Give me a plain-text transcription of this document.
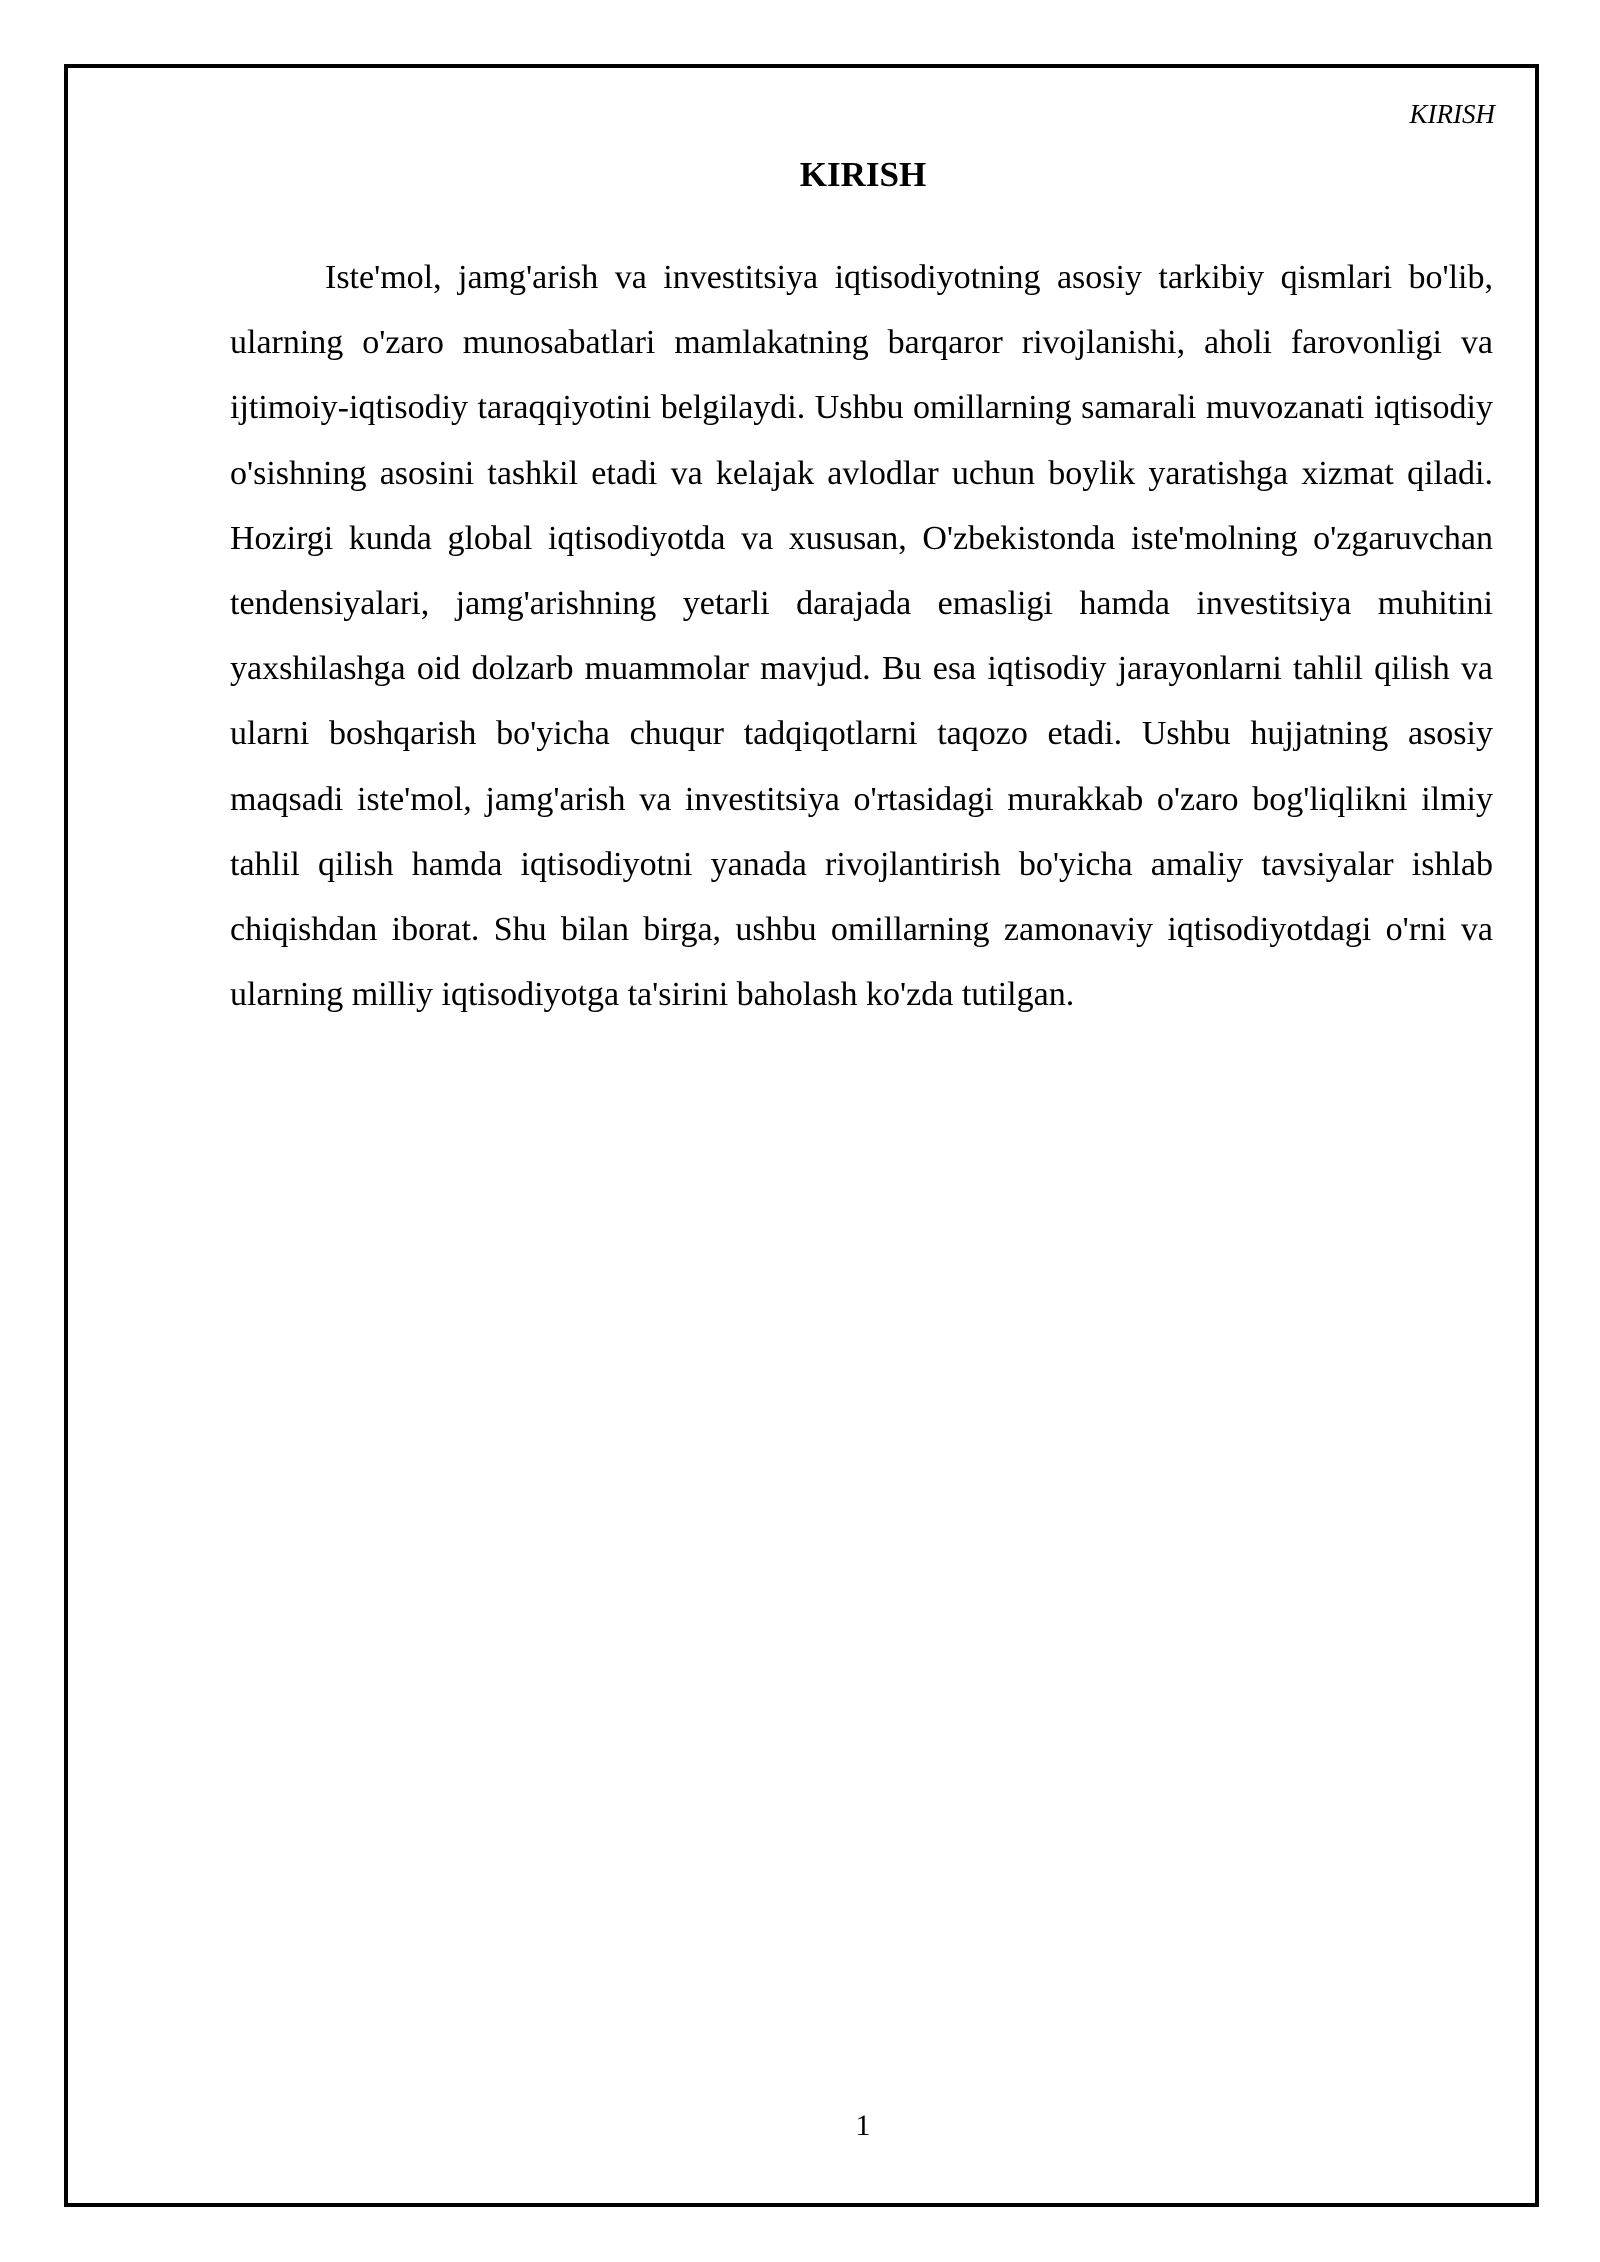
KIRISH
KIRISH

Iste'mol, jamg'arish va investitsiya iqtisodiyotning asosiy tarkibiy qismlari bo'lib, ularning o'zaro munosabatlari mamlakatning barqaror rivojlanishi, aholi farovonligi va ijtimoiy-iqtisodiy taraqqiyotini belgilaydi. Ushbu omillarning samarali muvozanati iqtisodiy o'sishning asosini tashkil etadi va kelajak avlodlar uchun boylik yaratishga xizmat qiladi. Hozirgi kunda global iqtisodiyotda va xususan, O'zbekistonda iste'molning o'zgaruvchan tendensiyalari, jamg'arishning yetarli darajada emasligi hamda investitsiya muhitini yaxshilashga oid dolzarb muammolar mavjud. Bu esa iqtisodiy jarayonlarni tahlil qilish va ularni boshqarish bo'yicha chuqur tadqiqotlarni taqozo etadi. Ushbu hujjatning asosiy maqsadi iste'mol, jamg'arish va investitsiya o'rtasidagi murakkab o'zaro bog'liqlikni ilmiy tahlil qilish hamda iqtisodiyotni yanada rivojlantirish bo'yicha amaliy tavsiyalar ishlab chiqishdan iborat. Shu bilan birga, ushbu omillarning zamonaviy iqtisodiyotdagi o'rni va ularning milliy iqtisodiyotga ta'sirini baholash ko'zda tutilgan.

1
